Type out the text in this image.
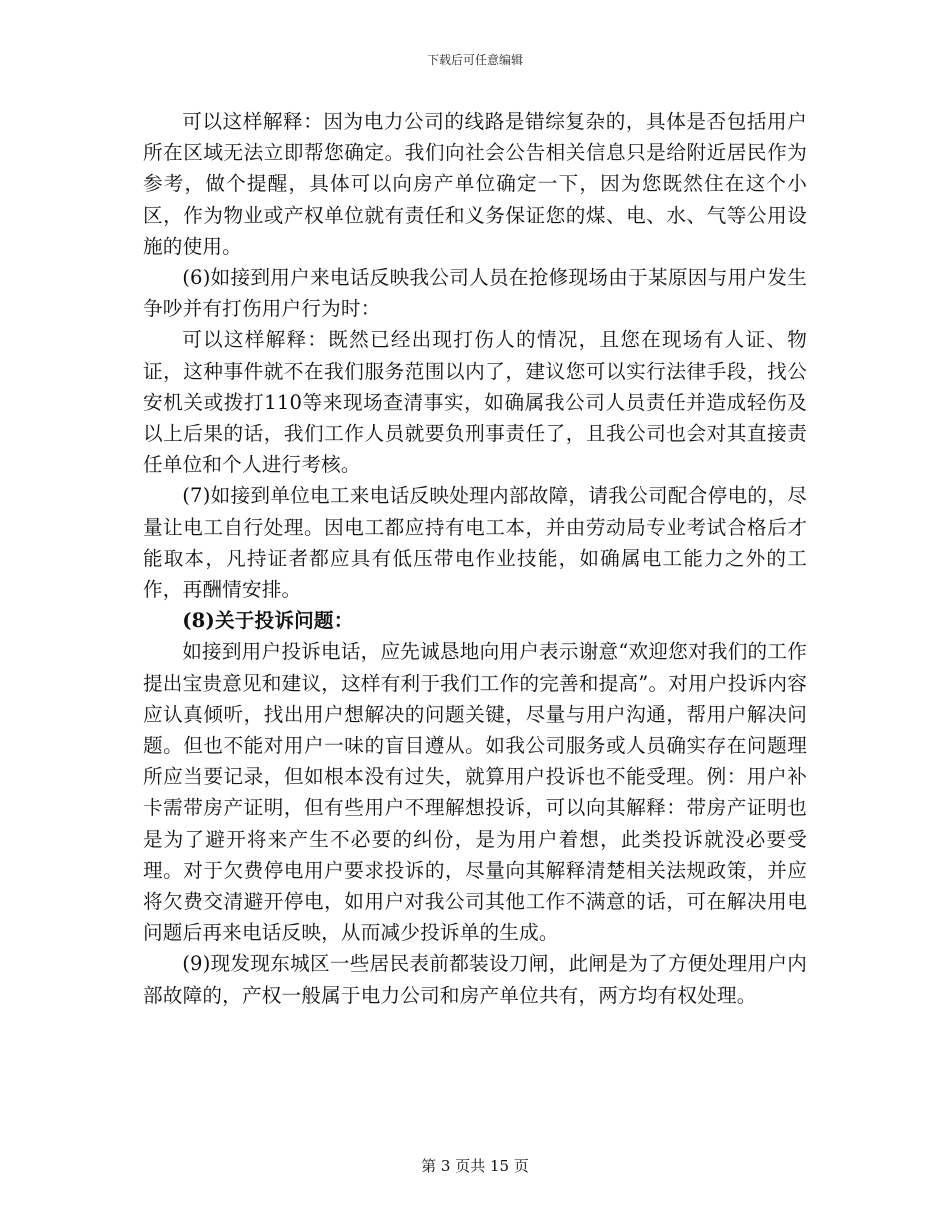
下载后可任意编辑

可以这样解释：因为电力公司的线路是错综复杂的，具体是否包括用户所在区域无法立即帮您确定。我们向社会公告相关信息只是给附近居民作为参考，做个提醒，具体可以向房产单位确定一下，因为您既然住在这个小区，作为物业或产权单位就有责任和义务保证您的煤、电、水、气等公用设施的使用。

(6)如接到用户来电话反映我公司人员在抢修现场由于某原因与用户发生争吵并有打伤用户行为时：

可以这样解释：既然已经出现打伤人的情况，且您在现场有人证、物证，这种事件就不在我们服务范围以内了，建议您可以实行法律手段，找公安机关或拨打110等来现场查清事实，如确属我公司人员责任并造成轻伤及以上后果的话，我们工作人员就要负刑事责任了，且我公司也会对其直接责任单位和个人进行考核。

(7)如接到单位电工来电话反映处理内部故障，请我公司配合停电的，尽量让电工自行处理。因电工都应持有电工本，并由劳动局专业考试合格后才能取本，凡持证者都应具有低压带电作业技能，如确属电工能力之外的工作，再酬情安排。

(8)关于投诉问题：

如接到用户投诉电话，应先诚恳地向用户表示谢意“欢迎您对我们的工作提出宝贵意见和建议，这样有利于我们工作的完善和提高”。对用户投诉内容应认真倾听，找出用户想解决的问题关键，尽量与用户沟通，帮用户解决问题。但也不能对用户一味的盲目遵从。如我公司服务或人员确实存在问题理所应当要记录，但如根本没有过失，就算用户投诉也不能受理。例：用户补卡需带房产证明，但有些用户不理解想投诉，可以向其解释：带房产证明也是为了避开将来产生不必要的纠份，是为用户着想，此类投诉就没必要受理。对于欠费停电用户要求投诉的，尽量向其解释清楚相关法规政策，并应将欠费交清避开停电，如用户对我公司其他工作不满意的话，可在解决用电问题后再来电话反映，从而减少投诉单的生成。

(9)现发现东城区一些居民表前都装设刀闸，此闸是为了方便处理用户内部故障的，产权一般属于电力公司和房产单位共有，两方均有权处理。

第 3 页共 15 页
